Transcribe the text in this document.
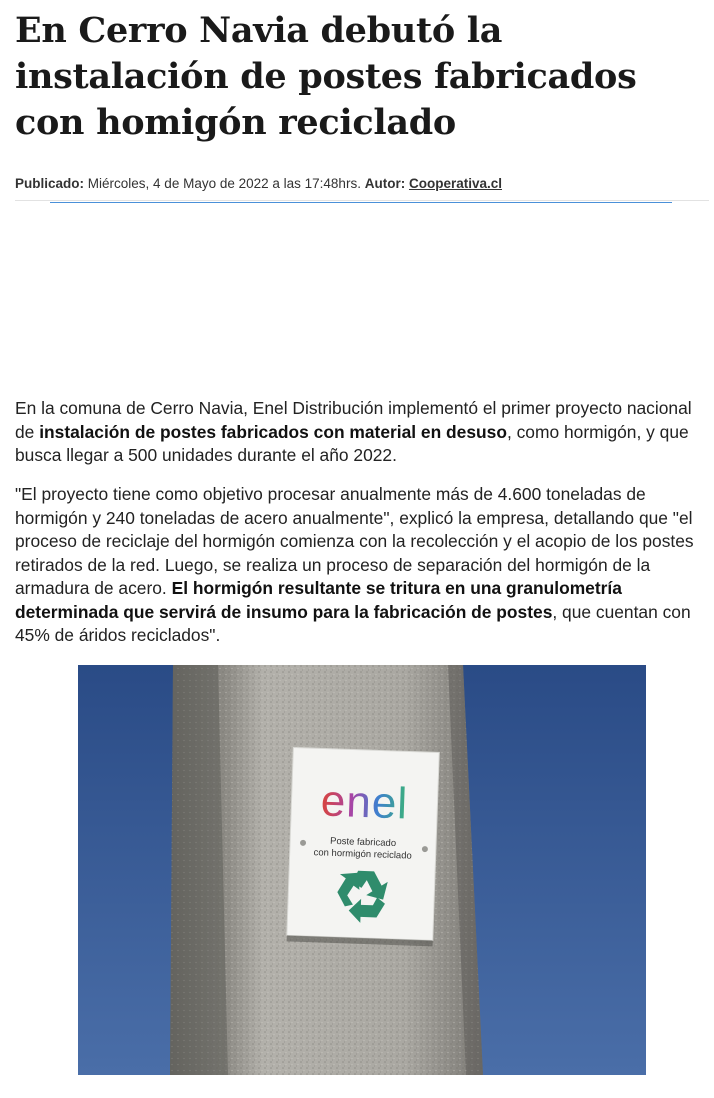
En Cerro Navia debutó la instalación de postes fabricados con homigón reciclado
Publicado: Miércoles, 4 de Mayo de 2022 a las 17:48hrs. Autor: Cooperativa.cl

En la comuna de Cerro Navia, Enel Distribución implementó el primer proyecto nacional de instalación de postes fabricados con material en desuso, como hormigón, y que busca llegar a 500 unidades durante el año 2022.

"El proyecto tiene como objetivo procesar anualmente más de 4.600 toneladas de hormigón y 240 toneladas de acero anualmente", explicó la empresa, detallando que "el proceso de reciclaje del hormigón comienza con la recolección y el acopio de los postes retirados de la red. Luego, se realiza un proceso de separación del hormigón de la armadura de acero. El hormigón resultante se tritura en una granulometría determinada que servirá de insumo para la fabricación de postes, que cuentan con 45% de áridos reciclados".

enel
Poste fabricado
con hormigón reciclado
